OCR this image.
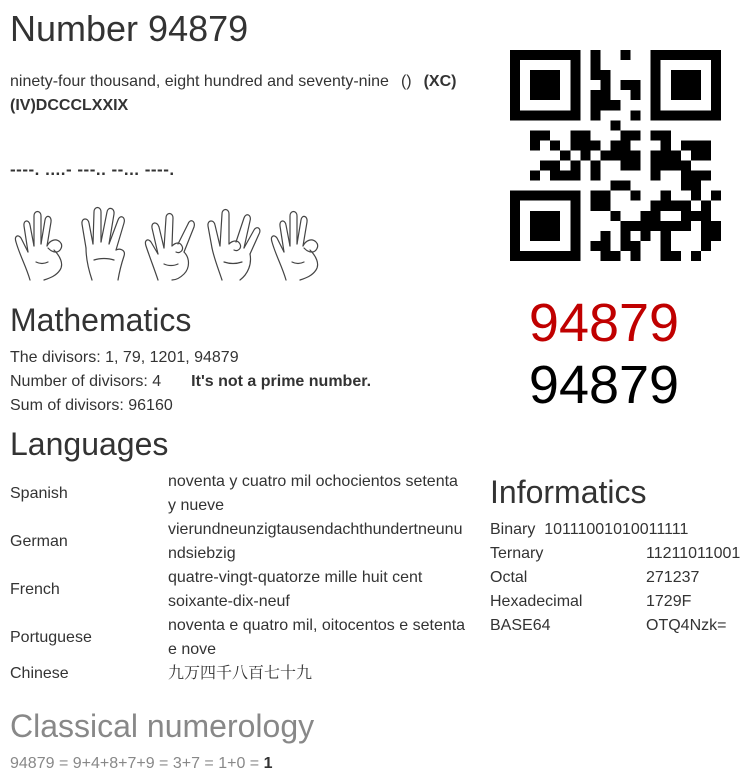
Number 94879
ninety-four thousand, eight hundred and seventy-nine () (XC)(IV)DCCCLXXIX
----. ....- ---.. --... ----.
94879
94879
Mathematics
The divisors: 1, 79, 1201, 94879
Number of divisors: 4 It's not a prime number.
Sum of divisors: 96160
Languages
Spanish	noventa y cuatro mil ochocientos setenta y nueve
German	vierundneunzigtausendachthundertneunundsiebzig
French	quatre-vingt-quatorze mille huit cent soixante-dix-neuf
Portuguese	noventa e quatro mil, oitocentos e setenta e nove
Chinese	九万四千八百七十九
Informatics
Binary 10111001010011111	
Ternary	11211011001
Octal	271237
Hexadecimal	1729F
BASE64	OTQ4Nzk=
Classical numerology
94879 = 9+4+8+7+9 = 3+7 = 1+0 = 1
